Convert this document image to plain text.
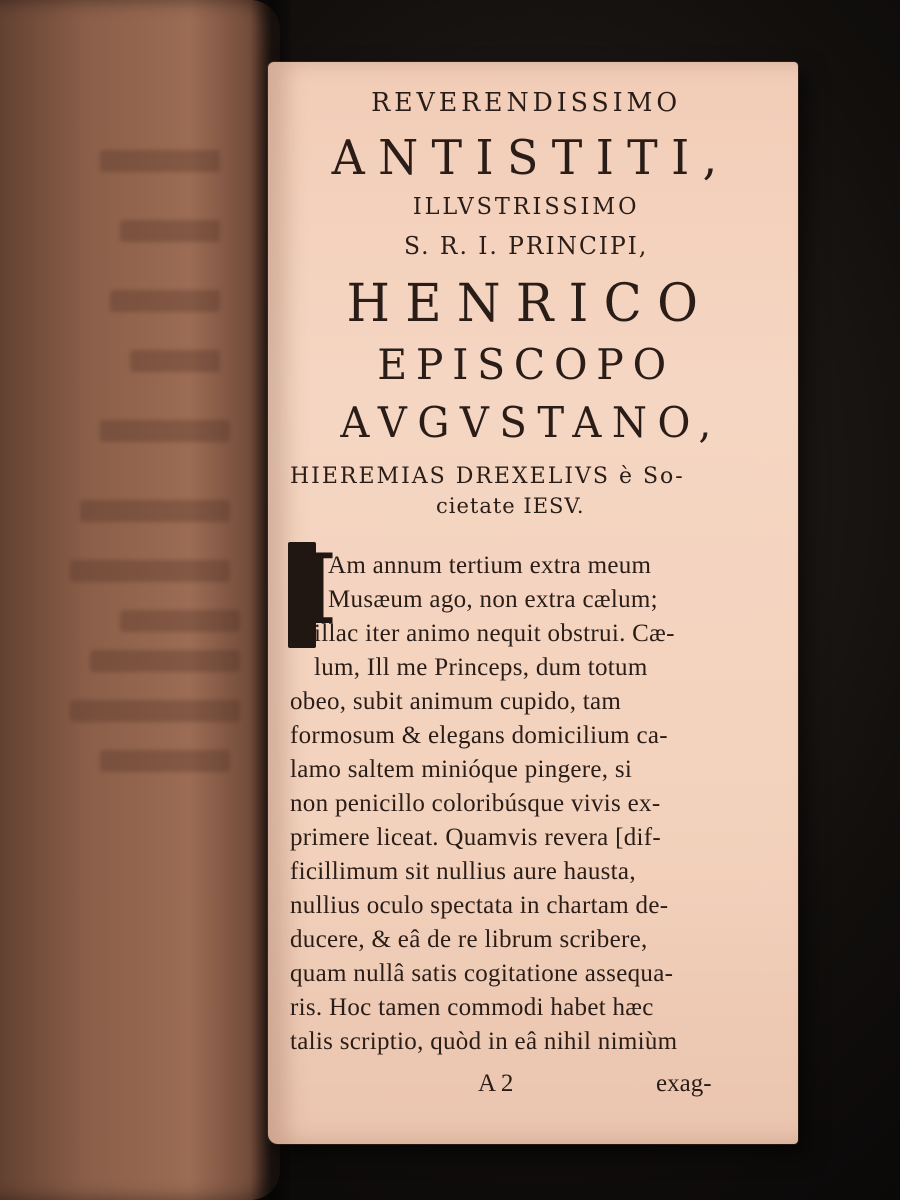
REVERENDISSIMO
ANTISTITI,
ILLVSTRISSIMO
S. R. I. PRINCIPI,
HENRICO
EPISCOPO
AVGVSTANO,
HIEREMIAS DREXELIVS è So-
cietate IESV.
I
Am annum tertium extra meum
Musæum ago, non extra cælum;
illac iter animo nequit obstrui. Cæ-
lum, Ill me Princeps, dum totum
obeo, subit animum cupido, tam
formosum & elegans domicilium ca-
lamo saltem minióque pingere, si
non penicillo coloribúsque vivis ex-
primere liceat. Quamvis revera [dif-
ficillimum sit nullius aure hausta,
nullius oculo spectata in chartam de-
ducere, & eâ de re librum scribere,
quam nullâ satis cogitatione assequa-
ris. Hoc tamen commodi habet hæc
talis scriptio, quòd in eâ nihil nimiùm
A 2	exag-
